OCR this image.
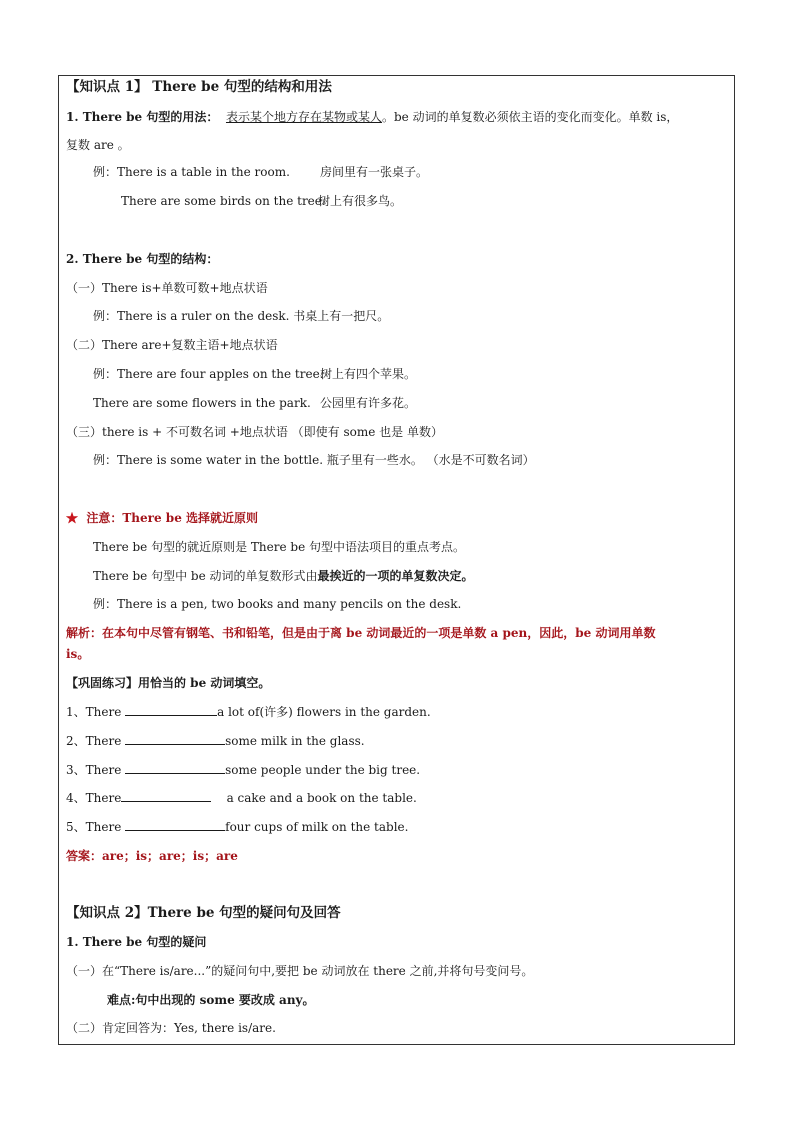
【知识点 1】 There be 句型的结构和用法
1. There be 句型的用法： 表示某个地方存在某物或某人。be 动词的单复数必须依主语的变化而变化。单数 is，
复数 are 。
例：There is a table in the room.	房间里有一张桌子。
There are some birds on the tree.
树上有很多鸟。
2. There be 句型的结构：
（一）There is+单数可数+地点状语
例：There is a ruler on the desk. 书桌上有一把尺。
（二）There are+复数主语+地点状语
例：There are four apples on the tree.
树上有四个苹果。
There are some flowers in the park. 公园里有许多花。
（三）there is + 不可数名词 +地点状语 （即使有 some 也是 单数）
例：There is some water in the bottle. 瓶子里有一些水。 （水是不可数名词）
★ 注意：There be 选择就近原则
There be 句型的就近原则是 There be 句型中语法项目的重点考点。
There be 句型中 be 动词的单复数形式由最挨近的一项的单复数决定。
例：There is a pen, two books and many pencils on the desk.
解析：在本句中尽管有钢笔、书和铅笔，但是由于离 be 动词最近的一项是单数 a pen，因此，be 动词用单数
is。
【巩固练习】用恰当的 be 动词填空。
1、There	a lot of(许多) flowers in the garden.
2、There	some milk in the glass.
3、There	some people under the big tree.
4、There	a cake and a book on the table.
5、There	four cups of milk on the table.
答案：are；is；are；is；are
【知识点 2】There be 句型的疑问句及回答
1. There be 句型的疑问
（一）在“There is/are...”的疑问句中,要把 be 动词放在 there 之前,并将句号变问号。
难点:句中出现的 some 要改成 any。
（二）肯定回答为：Yes, there is/are.
